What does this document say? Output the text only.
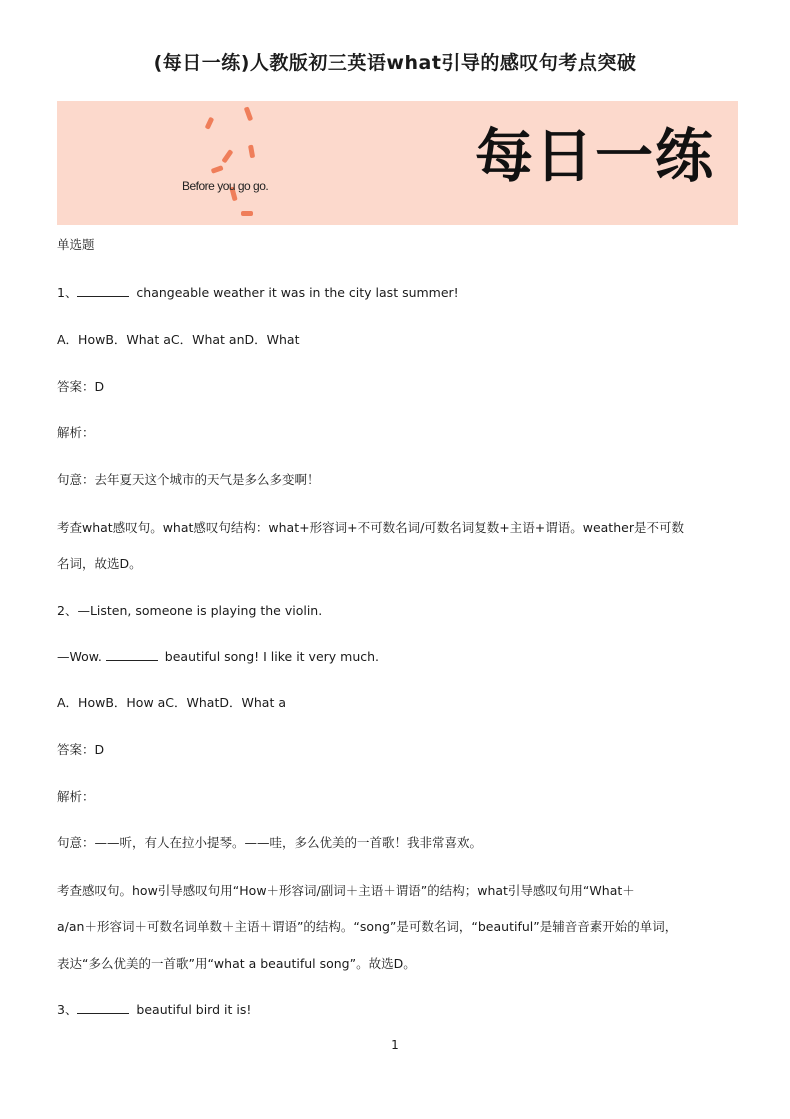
(每日一练)人教版初三英语what引导的感叹句考点突破
Before you go go.	每日一练
单选题
1、	changeable weather it was in the city last summer!
A．HowB．What aC．What anD．What
答案：D
解析：
句意：去年夏天这个城市的天气是多么多变啊！
考查what感叹句。what感叹句结构：what+形容词+不可数名词/可数名词复数+主语+谓语。weather是不可数
名词，故选D。
2、—Listen, someone is playing the violin.
—Wow.	beautiful song! I like it very much.
A．HowB．How aC．WhatD．What a
答案：D
解析：
句意：——听，有人在拉小提琴。——哇，多么优美的一首歌！我非常喜欢。
考查感叹句。how引导感叹句用“How＋形容词/副词＋主语＋谓语”的结构；what引导感叹句用“What＋
a/an＋形容词＋可数名词单数＋主语＋谓语”的结构。“song”是可数名词，“beautiful”是辅音音素开始的单词，
表达“多么优美的一首歌”用“what a beautiful song”。故选D。
3、	beautiful bird it is!
1
